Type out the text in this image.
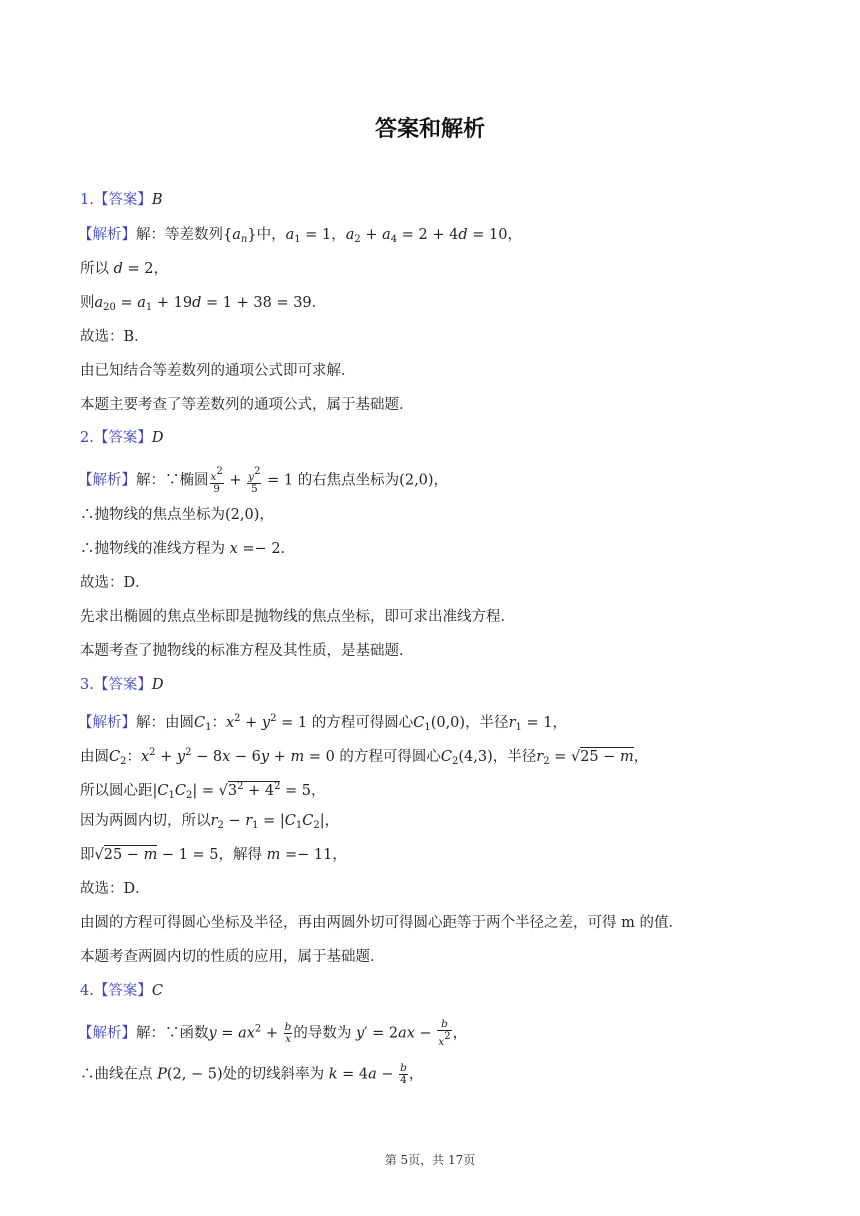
答案和解析
1.【答案】B
【解析】解：等差数列$\{a_n\}$中，$a_1 = 1$，$a_2 + a_4 = 2 + 4d = 10$，
所以 d = 2，
则$a_{20} = a_1 + 19d = 1 + 38 = 39$．
故选：B．
由已知结合等差数列的通项公式即可求解．
本题主要考查了等差数列的通项公式，属于基础题．
2.【答案】D
【解析】解：∵椭圆 $\frac{x^2}{9} + \frac{y^2}{5} = 1$ 的右焦点坐标为(2,0)，
∴抛物线的焦点坐标为(2,0)，
∴抛物线的准线方程为 x =− 2．
故选：D．
先求出椭圆的焦点坐标即是抛物线的焦点坐标，即可求出准线方程．
本题考查了抛物线的标准方程及其性质，是基础题．
3.【答案】D
【解析】解：由圆$C_1$：$x^2 + y^2 = 1$ 的方程可得圆心$C_1(0,0)$，半径$r_1 = 1$，
由圆$C_2$：$x^2 + y^2 - 8x - 6y + m = 0$ 的方程可得圆心$C_2(4,3)$，半径$r_2 = √25 - m$，
所以圆心距$|C_1C_2| = √3^2 + 4^2 = 5$，
因为两圆内切，所以$r_2 - r_1 = |C_1C_2|$，
即√25 − m − 1 = 5，解得 m =− 11，
故选：D．
由圆的方程可得圆心坐标及半径，再由两圆外切可得圆心距等于两个半径之差，可得 m 的值．
本题考查两圆内切的性质的应用，属于基础题．
4.【答案】C
【解析】解：∵函数$y = ax^2 + \frac{b}{x}$ 的导数为 $y' = 2ax - \frac{b}{x^2}$ ，
∴曲线在点 P(2, − 5)处的切线斜率为 $k = 4a - \frac{b}{4}$ ，
第 5页，共 17页
